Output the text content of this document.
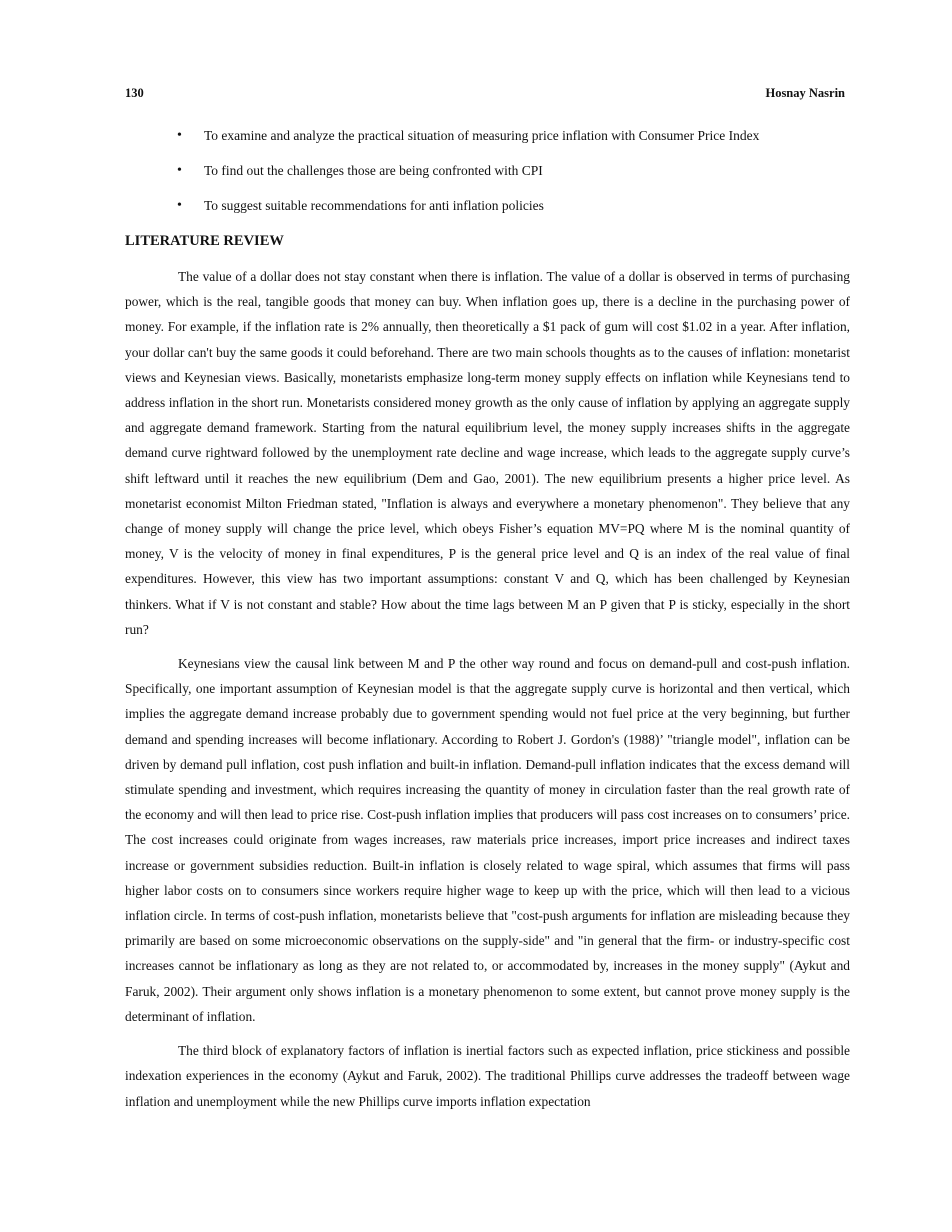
130	Hosnay Nasrin
• To examine and analyze the practical situation of measuring price inflation with Consumer Price Index
• To find out the challenges those are being confronted with CPI
• To suggest suitable recommendations for anti inflation policies
LITERATURE REVIEW

The value of a dollar does not stay constant when there is inflation. The value of a dollar is observed in terms of purchasing power, which is the real, tangible goods that money can buy. When inflation goes up, there is a decline in the purchasing power of money. For example, if the inflation rate is 2% annually, then theoretically a $1 pack of gum will cost $1.02 in a year. After inflation, your dollar can't buy the same goods it could beforehand. There are two main schools thoughts as to the causes of inflation: monetarist views and Keynesian views. Basically, monetarists emphasize long-term money supply effects on inflation while Keynesians tend to address inflation in the short run. Monetarists considered money growth as the only cause of inflation by applying an aggregate supply and aggregate demand framework. Starting from the natural equilibrium level, the money supply increases shifts in the aggregate demand curve rightward followed by the unemployment rate decline and wage increase, which leads to the aggregate supply curve’s shift leftward until it reaches the new equilibrium (Dem and Gao, 2001). The new equilibrium presents a higher price level. As monetarist economist Milton Friedman stated, "Inflation is always and everywhere a monetary phenomenon". They believe that any change of money supply will change the price level, which obeys Fisher’s equation MV=PQ where M is the nominal quantity of money, V is the velocity of money in final expenditures, P is the general price level and Q is an index of the real value of final expenditures. However, this view has two important assumptions: constant V and Q, which has been challenged by Keynesian thinkers. What if V is not constant and stable? How about the time lags between M an P given that P is sticky, especially in the short run?

Keynesians view the causal link between M and P the other way round and focus on demand-pull and cost-push inflation. Specifically, one important assumption of Keynesian model is that the aggregate supply curve is horizontal and then vertical, which implies the aggregate demand increase probably due to government spending would not fuel price at the very beginning, but further demand and spending increases will become inflationary. According to Robert J. Gordon's (1988)’ "triangle model", inflation can be driven by demand pull inflation, cost push inflation and built-in inflation. Demand-pull inflation indicates that the excess demand will stimulate spending and investment, which requires increasing the quantity of money in circulation faster than the real growth rate of the economy and will then lead to price rise. Cost-push inflation implies that producers will pass cost increases on to consumers’ price. The cost increases could originate from wages increases, raw materials price increases, import price increases and indirect taxes increase or government subsidies reduction. Built-in inflation is closely related to wage spiral, which assumes that firms will pass higher labor costs on to consumers since workers require higher wage to keep up with the price, which will then lead to a vicious inflation circle. In terms of cost-push inflation, monetarists believe that "cost-push arguments for inflation are misleading because they primarily are based on some microeconomic observations on the supply-side" and "in general that the firm- or industry-specific cost increases cannot be inflationary as long as they are not related to, or accommodated by, increases in the money supply" (Aykut and Faruk, 2002). Their argument only shows inflation is a monetary phenomenon to some extent, but cannot prove money supply is the determinant of inflation.

The third block of explanatory factors of inflation is inertial factors such as expected inflation, price stickiness and possible indexation experiences in the economy (Aykut and Faruk, 2002). The traditional Phillips curve addresses the tradeoff between wage inflation and unemployment while the new Phillips curve imports inflation expectation
